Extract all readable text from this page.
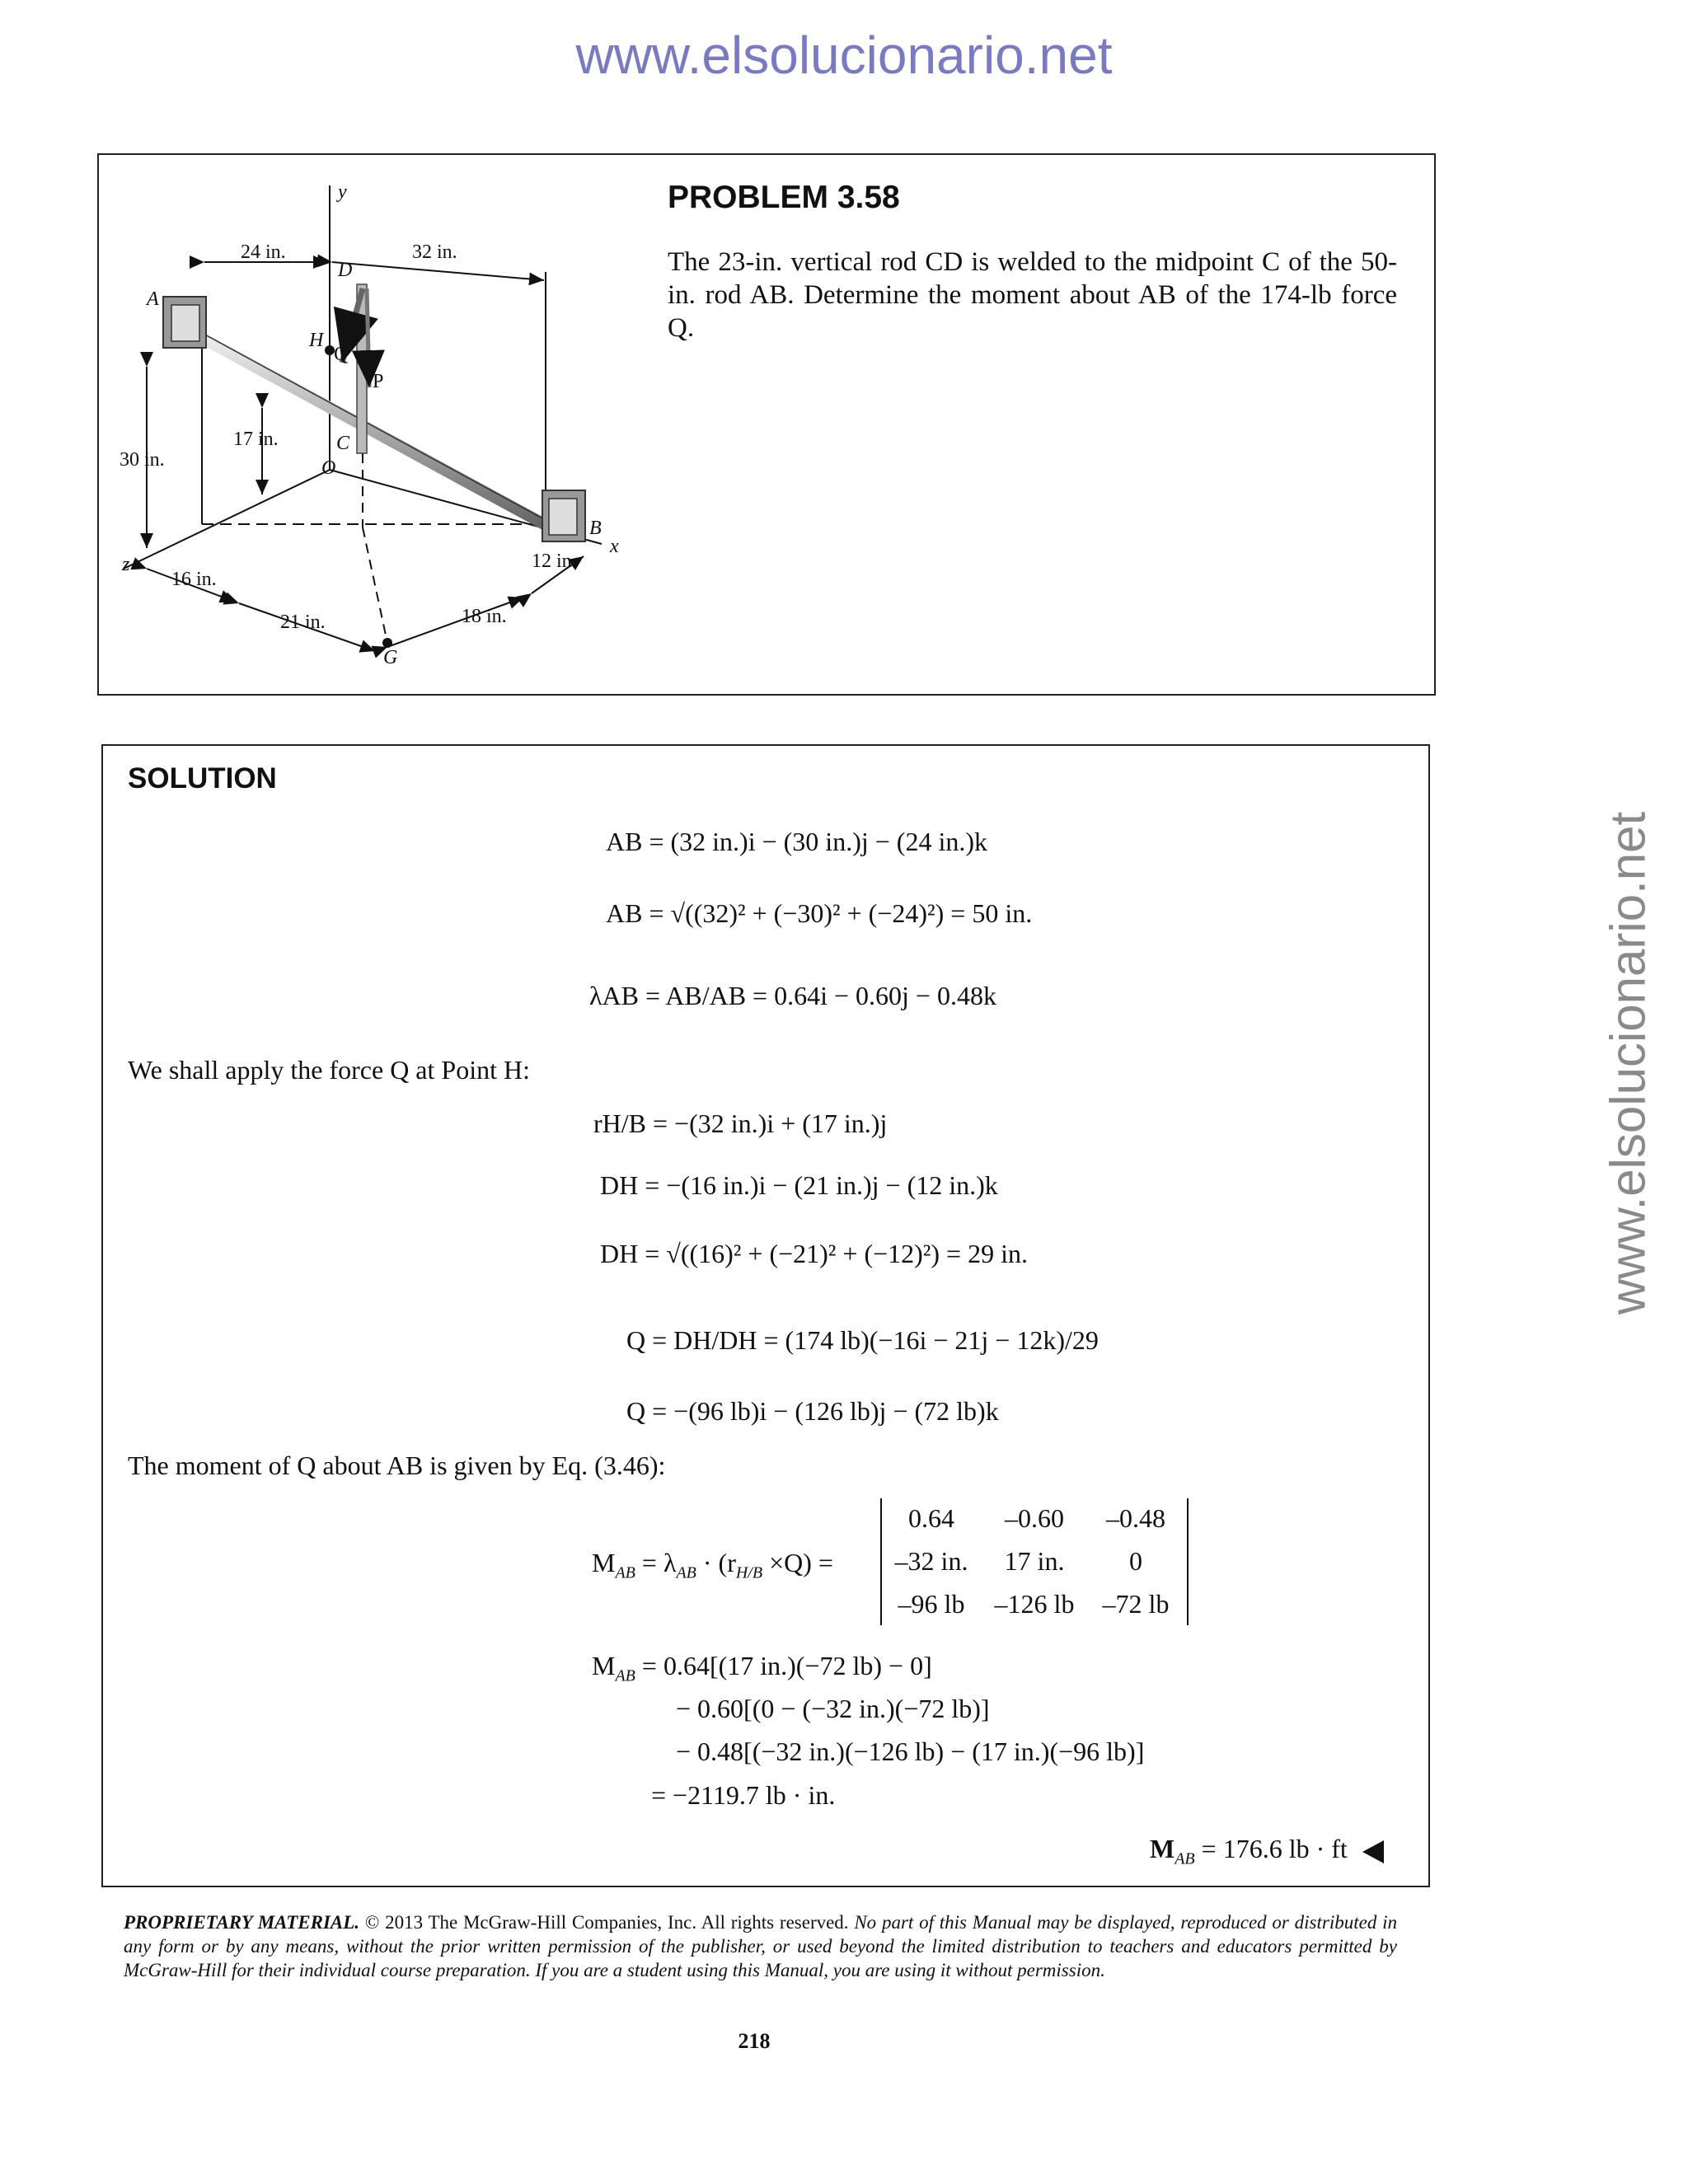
www.elsolucionario.net
www.elsolucionario.net
y
x
z
A
B
C
D
H
O
G
Q
P
24 in.	32 in.
30 in.
17 in.
16 in.
21 in.	18 in.
12 in.
PROBLEM 3.58
The 23-in. vertical rod CD is welded to the midpoint C of the 50-in. rod AB. Determine the moment about AB of the 174-lb force Q.
SOLUTION
AB = (32 in.)i − (30 in.)j − (24 in.)k
AB = √((32)² + (−30)² + (−24)²) = 50 in.
λAB = AB/AB = 0.64i − 0.60j − 0.48k
We shall apply the force Q at Point H:
rH/B = −(32 in.)i + (17 in.)j
DH = −(16 in.)i − (21 in.)j − (12 in.)k
DH = √((16)² + (−21)² + (−12)²) = 29 in.
Q = DH/DH = (174 lb)(−16i − 21j − 12k)/29
Q = −(96 lb)i − (126 lb)j − (72 lb)k
The moment of Q about AB is given by Eq. (3.46):
$M_{AB} = \lambda_{AB} \cdot (r_{H/B} \times Q)$ =
0.64	–0.60	–0.48
–32 in.	17 in.	0
–96 lb	–126 lb	–72 lb
$M_{AB} = 0.64[(17$ in.)(−72 lb) − 0]
− 0.60[(0 − (−32 in.)(−72 lb)]
− 0.48[(−32 in.)(−126 lb) − (17 in.)(−96 lb)]
= −2119.7 lb · in.
$M_{AB} = 176.6$ lb · ft
PROPRIETARY MATERIAL. © 2013 The McGraw-Hill Companies, Inc. All rights reserved. No part of this Manual may be displayed, reproduced or distributed in any form or by any means, without the prior written permission of the publisher, or used beyond the limited distribution to teachers and educators permitted by McGraw-Hill for their individual course preparation. If you are a student using this Manual, you are using it without permission.
218
